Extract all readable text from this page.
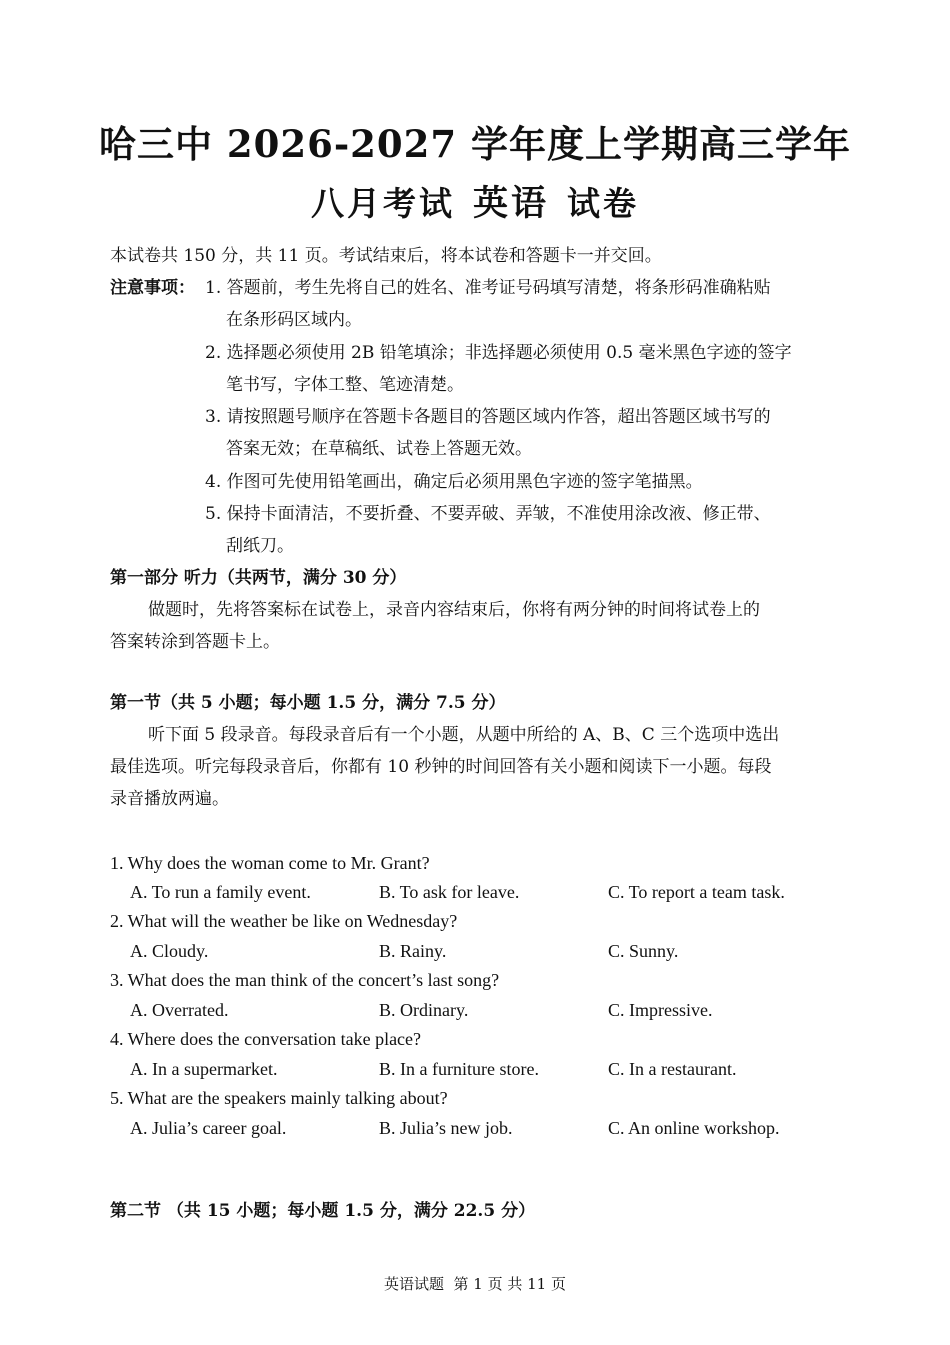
哈三中 2026-2027 学年度上学期高三学年
八月考试 英语 试卷
本试卷共 150 分，共 11 页。考试结束后，将本试卷和答题卡一并交回。
注意事项： 1. 答题前，考生先将自己的姓名、准考证号码填写清楚，将条形码准确粘贴
在条形码区域内。
2. 选择题必须使用 2B 铅笔填涂；非选择题必须使用 0.5 毫米黑色字迹的签字
笔书写，字体工整、笔迹清楚。
3. 请按照题号顺序在答题卡各题目的答题区域内作答，超出答题区域书写的
答案无效；在草稿纸、试卷上答题无效。
4. 作图可先使用铅笔画出，确定后必须用黑色字迹的签字笔描黑。
5. 保持卡面清洁，不要折叠、不要弄破、弄皱，不准使用涂改液、修正带、
刮纸刀。
第一部分 听力（共两节，满分 30 分）
做题时，先将答案标在试卷上，录音内容结束后，你将有两分钟的时间将试卷上的
答案转涂到答题卡上。
第一节（共 5 小题；每小题 1.5 分，满分 7.5 分）
听下面 5 段录音。每段录音后有一个小题，从题中所给的 A、B、C 三个选项中选出
最佳选项。听完每段录音后，你都有 10 秒钟的时间回答有关小题和阅读下一小题。每段
录音播放两遍。
1. Why does the woman come to Mr. Grant?
A. To run a family event.	B. To ask for leave.	C. To report a team task.
2. What will the weather be like on Wednesday?
A. Cloudy.	B. Rainy.	C. Sunny.
3. What does the man think of the concert’s last song?
A. Overrated.	B. Ordinary.	C. Impressive.
4. Where does the conversation take place?
A. In a supermarket.	B. In a furniture store.	C. In a restaurant.
5. What are the speakers mainly talking about?
A. Julia’s career goal.	B. Julia’s new job.	C. An online workshop.
第二节 （共 15 小题；每小题 1.5 分，满分 22.5 分）
英语试题  第 1 页 共 11 页
